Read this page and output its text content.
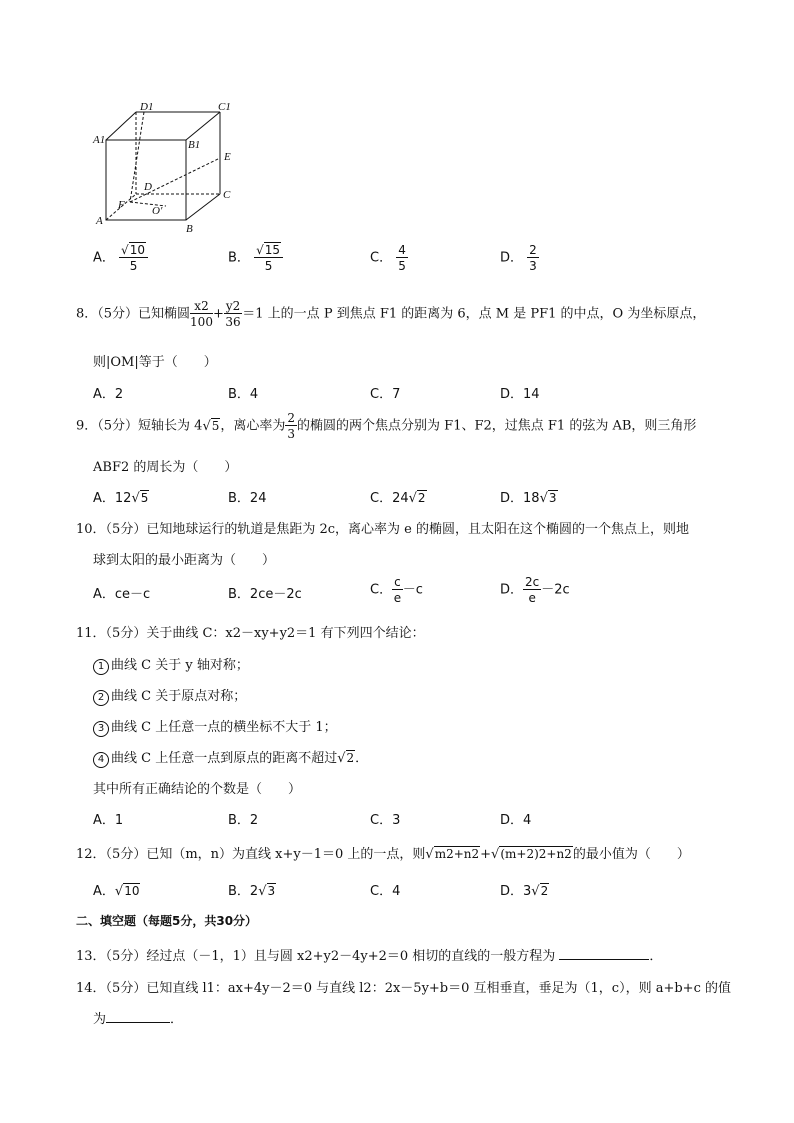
D1	C1
A1	B1
E
D
C
A
B
F O′
A． $\frac{√10}{5}$	B． $\frac{√15}{5}$	C． $\frac{4}{5}$	D． $\frac{2}{3}$
8．（5分）已知椭圆 $\frac{x2}{100} + \frac{y2}{36} =1$ 上的一点 P 到焦点 F1 的距离为 6，点 M 是 PF1 的中点，O 为坐标原点，
则|OM|等于（　　）
A．2	B．4	C．7	D．14
9．（5分）短轴长为 4√5，离心率为 $\frac{2}{3}$ 的椭圆的两个焦点分别为 F1、F2，过焦点 F1 的弦为 AB，则三角形
ABF2 的周长为（　　）
A．12√5	B．24	C．24√2	D．18√3
10．（5分）已知地球运行的轨道是焦距为 2c，离心率为 e 的椭圆，且太阳在这个椭圆的一个焦点上，则地
球到太阳的最小距离为（　　）
A．ce－c	B．2ce－2c	C． $\frac{c}{e} -c$	D． $\frac{2c}{e} -2c$
11．（5分）关于曲线 C：x2－xy+y2＝1 有下列四个结论：
1 曲线 C 关于 y 轴对称；
2 曲线 C 关于原点对称；
3 曲线 C 上任意一点的横坐标不大于 1；
4 曲线 C 上任意一点到原点的距离不超过√2．
其中所有正确结论的个数是（　　）
A．1	B．2	C．3	D．4
12．（5分）已知（m，n）为直线 x+y－1＝0 上的一点，则√m2+n2+√(m+2)2+n2的最小值为（　　）
A．√10	B．2√3	C．4	D．3√2
二、填空题（每题5分，共30分）
13．（5分）经过点（－1，1）且与圆 x2+y2－4y+2＝0 相切的直线的一般方程为	．
14．（5分）已知直线 l1：ax+4y－2＝0 与直线 l2：2x－5y+b＝0 互相垂直，垂足为（1，c），则 a+b+c 的值
为	．
